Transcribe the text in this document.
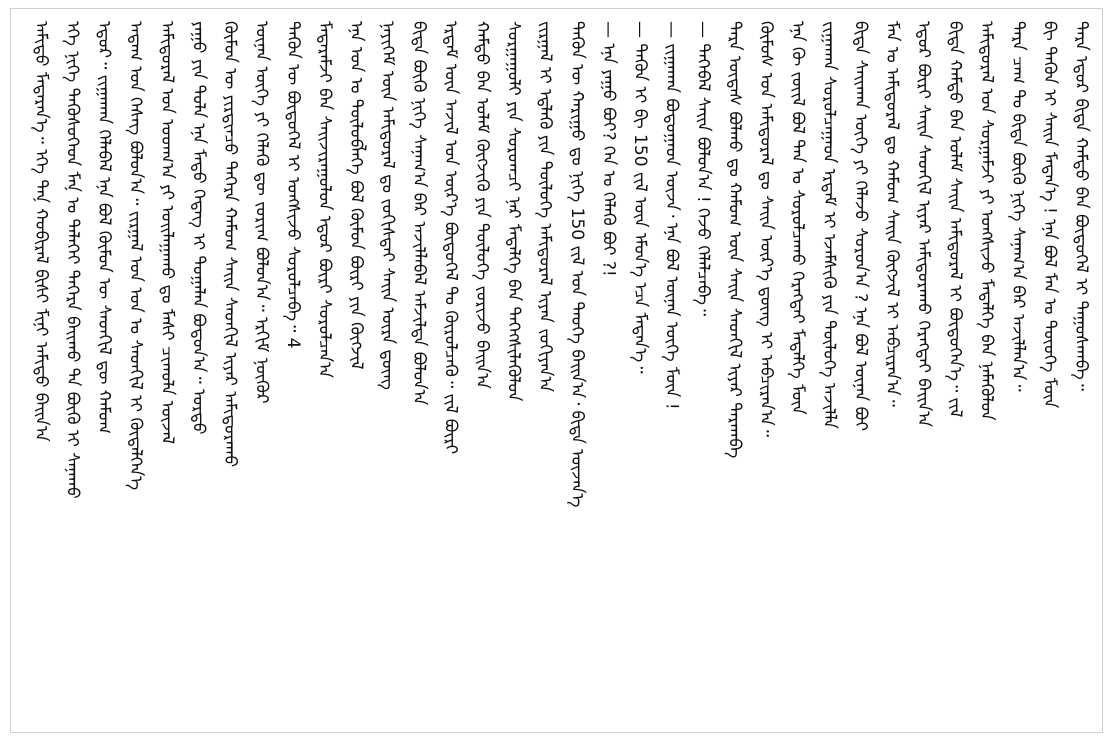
ᠠᠮᠢᠳᠤ ᠮᠡᠳᠡᠷᠡᠨ᠎ᠡ᠃ ᠡᠬᠡ ᠲᠠᠨ᠋ ᠬᠤᠪᠢᠷᠠᠯ ᠪᠢᠰᠢ ᠮᠢᠨᠢ ᠠᠮᠢᠳᠤ ᠪᠠᠢᠨ᠎ᠠ ᠡᠬᠡ ᠨᠢᠭᠡ ᠲᠡᠭᠦᠰᠦᠭᠡᠳ ᠮᠠᠨ᠋ ᠤ ᠳᠡᠯᠡᠬᠡᠢ ᠳᠡᠭᠡᠷᠡ ᠪᠠᠢᠬᠤ ᠲᠠ ᠪᠦᠬᠦ ᠢ ᠰᠠᠨᠠᠬᠤ ᠡᠳᠦᠷ᠃ ᠵᠢᠭᠠᠬᠠᠨ ᠬᠡᠯᠡᠪᠡᠯ ᠡᠨᠡ ᠪᠣᠯ ᠬᠦᠮᠦᠨ ᠦ ᠰᠡᠳᠬᠢᠯ ᠳᠦ ᠬᠠᠮᠤᠭ ᠠᠳᠠᠭ ᠤᠨ ᠬᠡᠰᠡᠭ ᠪᠣᠯᠤᠨ᠎ᠠ᠃ ᠵᠢᠷᠭᠠᠯ ᠤᠨ ᠣᠨ ᠤ ᠰᠡᠳᠬᠢᠯ ᠢ ᠬᠥᠳᠡᠯᠭᠡᠨ᠎ᠡ ᠠᠮᠢᠳᠤᠷᠠᠯ ᠤᠨ ᠤᠳᠬ᠎ᠠ ᠶᠢ ᠣᠢᠯᠠᠭᠠᠬᠤ ᠳᠤ ᠮᠠᠰᠢ ᠴᠢᠬᠤᠯᠠ ᠦᠵᠡᠯ ᠶᠠᠭᠤ ᠶᠢᠨ ᠲᠤᠯᠠ ᠡᠨᠡ ᠮᠡᠲᠦ ᠭᠡᠳᠡᠭ ᠢ ᠲᠣᠭᠠᠯᠠᠨ ᠪᠣᠳᠤᠨ᠎ᠠ᠃ ᠤᠷᠲᠤ ᠬᠦᠮᠦᠨ ᠦ ᠶᠢᠷᠲᠢᠨᠴᠦ ᠳᠡᠭᠡᠷᠡ ᠬᠠᠮᠤᠭ ᠰᠠᠢᠨ ᠰᠡᠳᠬᠢᠯ ᠢᠶᠡᠷ ᠠᠮᠢᠳᠤᠷᠠᠬᠤ ᠦᠨᠡᠨ ᠦᠭᠡ ᠶᠢ ᠬᠡᠯᠡᠬᠦ ᠳᠦ ᠵᠣᠷᠢᠭ ᠪᠣᠯᠤᠨ᠎ᠠ᠃ ᠡᠷᠬᠢᠮ ᠨᠥᠬᠦᠷ ᠲᠡᠭᠦᠨ ᠦ ᠪᠦᠲᠦᠭᠡᠯ ᠢ ᠤᠩᠰᠢᠵᠤ ᠰᠤᠷᠤᠯᠴᠠᠪᠠ᠃ 4 ᠮᠡᠳᠡᠷᠡᠮᠵᠢ ᠪᠠᠨ ᠰᠠᠢᠵᠢᠷᠠᠭᠤᠯᠤᠨ ᠡᠳᠦᠷ ᠪᠦᠷᠢ ᠰᠤᠷᠤᠯᠴᠠᠨ᠎ᠠ ᠡᠨᠡ ᠣᠨ ᠤ ᠲᠥᠯᠦᠪᠯᠡᠭᠡ ᠪᠣᠯ ᠬᠦᠮᠦᠨ ᠪᠦᠷᠢ ᠶᠢᠨ ᠬᠥᠭᠵᠢᠯ ᠨᠡᠶᠢᠭᠡᠮ ᠦᠨ ᠠᠮᠢᠳᠤᠷᠠᠯ ᠳᠤ ᠵᠣᠬᠢᠰᠲᠠᠢ ᠰᠠᠢᠨ ᠦᠷᠡ ᠳ᠋ᠦᠩ ᠪᠢᠳᠡ ᠪᠦᠬᠦ ᠨᠢᠭᠡ ᠰᠠᠨᠠᠭ᠎ᠠ ᠪᠡᠷ ᠠᠵᠢᠯᠯᠠᠪᠠᠯ ᠠᠮᠵᠢᠯᠲᠠ ᠪᠣᠯᠤᠨ᠎ᠠ ᠡᠷᠳᠡᠮ ᠦᠨ ᠠᠵᠢᠯ ᠤᠨ ᠦᠷ᠎ᠡ ᠪᠦᠲᠦᠭᠡᠯ ᠲᠤ ᠬᠦᠷᠦᠯᠴᠡᠬᠦ᠃ ᠵᠢᠯ ᠪᠦᠷᠢ ᠬᠠᠮᠲᠤ ᠪᠠᠨ ᠤᠯᠠᠮ ᠬᠥᠭᠵᠢᠬᠦ ᠶᠢᠨ ᠲᠥᠯᠦᠭᠡ ᠵᠣᠷᠢᠵᠤ ᠪᠠᠢᠨ᠎ᠠ ᠰᠤᠷᠭᠠᠭᠤᠯᠢ ᠶᠢᠨ ᠰᠤᠷᠤᠭᠴᠢ ᠨᠠᠷ ᠮᠡᠳᠡᠯᠭᠡ ᠪᠡᠨ ᠳᠡᠭᠡᠭᠰᠢᠯᠡᠭᠦᠯᠦᠨ ᠵᠢᠷᠭᠠᠯ ᠢ ᠡᠳ᠋ᠯᠡᠬᠦ ᠶᠢᠨ ᠲᠥᠯᠦᠭᠡ ᠠᠮᠢᠳᠤᠷᠠᠯ ᠢᠶᠠᠨ ᠵᠣᠬᠢᠶᠠᠨ᠎ᠠ ᠲᠡᠭᠦᠨ ᠦ ᠬᠠᠷᠢᠭᠤ ᠳᠤ ᠨᠢᠭᠡ 150 ᠵᠢᠯ ᠤᠨ ᠲᠡᠦᠬᠡ ᠪᠠᠢᠨ᠎ᠠ᠂ ᠪᠢᠳᠡ ᠦᠵᠡᠨ᠎ᠡ — ᠡᠨᠡ ᠶᠠᠭᠤ ᠪᠣᠢ? ᠬᠡᠨ ᠤ ᠬᠡᠯᠡᠬᠦ ᠪᠣᠢ ?! — ᠲᠡᠭᠦᠨ ᠢ ᠪᠢ 150 ᠵᠢᠯ ᠦᠨ ᠡᠮᠦᠨ᠎ᠡ ᠡᠴᠡ ᠮᠡᠳᠡᠨ᠎ᠡ᠃ — ᠵᠢᠭᠠᠬᠠᠨ ᠪᠣᠳᠤᠭᠠᠳ ᠦᠵᠡ᠂ ᠡᠨᠡ ᠪᠣᠯ ᠦᠨᠡᠨ ᠦᠭᠡ ᠮᠥᠨ ! — ᠲᠡᠭᠡᠪᠡᠯ ᠰᠠᠢᠨ ᠪᠣᠯᠤᠨ᠎ᠠ ! ᠭᠡᠵᠦ ᠬᠡᠯᠡᠯᠴᠡᠪᠡ᠃ ᠲᠡᠷᠡ ᠦᠳᠡᠰ ᠪᠣᠯᠬᠤ ᠳᠤ ᠬᠠᠮᠤᠭ ᠦᠨ ᠰᠠᠢᠨ ᠰᠡᠳᠬᠢᠯ ᠢᠶᠡᠷ ᠲᠠᠷᠬᠠᠪᠠ ᠬᠦᠮᠦᠰ ᠤᠨ ᠠᠮᠢᠳᠤᠷᠠᠯ ᠳᠤ ᠰᠠᠢᠨ ᠦᠷ᠎ᠡ ᠳ᠋ᠦᠩ ᠢ ᠠᠪᠴᠢᠷᠠᠨ᠎ᠠ᠃ ᠡᠨᠡ ᠬᠦ ᠵᠦᠢᠯ ᠪᠣᠯ ᠲᠠᠨ ᠤ ᠰᠤᠷᠤᠯᠴᠠᠬᠤ ᠬᠡᠷᠡᠭᠲᠡᠢ ᠮᠡᠳᠡᠯᠭᠡ ᠮᠥᠨ ᠵᠢᠭᠠᠬᠠᠨ ᠰᠤᠷᠤᠯᠴᠠᠭᠠᠳ ᠡᠷᠳᠡᠮ ᠢ ᠡᠵᠡᠮᠰᠢᠬᠦ ᠶᠢᠨ ᠲᠥᠯᠦᠭᠡ ᠠᠵᠢᠯᠯᠠ ᠪᠢᠳᠡ ᠰᠠᠢᠬᠠᠨ ᠦᠭᠡ ᠶᠢ ᠬᠡᠯᠡᠵᠦ ᠰᠤᠷᠤᠨ᠎ᠠ ? ᠡᠨᠡ ᠪᠣᠯ ᠦᠨᠡᠨ ᠪᠤᠢ ᠮᠠᠨ ᠤ ᠠᠮᠢᠳᠤᠷᠠᠯ ᠳᠤ ᠬᠠᠮᠤᠭ ᠰᠠᠢᠨ ᠬᠥᠭᠵᠢᠯ ᠢ ᠠᠪᠴᠢᠷᠠᠨ᠎ᠠ᠃ ᠡᠳᠦᠷ ᠪᠦᠷᠢ ᠰᠠᠢᠨ ᠰᠡᠳᠬᠢᠯ ᠢᠶᠡᠷ ᠠᠮᠢᠳᠤᠷᠠᠬᠤ ᠬᠡᠷᠡᠭᠲᠡᠢ ᠪᠠᠢᠨ᠎ᠠ ᠪᠢᠳᠡ ᠬᠠᠮᠲᠤ ᠪᠠᠨ ᠤᠯᠠᠮ ᠰᠠᠢᠨ ᠠᠮᠢᠳᠤᠷᠠᠯ ᠢ ᠪᠦᠲᠦᠭᠡᠨ᠎ᠡ᠃ ᠵᠢᠯ ᠠᠮᠢᠳᠤᠷᠠᠯ ᠤᠨ ᠰᠤᠷᠭᠠᠮᠵᠢ ᠶᠢ ᠤᠩᠰᠢᠵᠤ ᠮᠡᠳᠡᠯᠭᠡ ᠪᠡᠨ ᠨᠡᠮᠡᠭᠦᠯᠦᠨ ᠲᠡᠷᠡ ᠴᠠᠭ ᠲᠤ ᠪᠢᠳᠡ ᠪᠦᠬᠦ ᠨᠢᠭᠡ ᠰᠠᠨᠠᠭ᠎ᠠ ᠪᠠᠷ ᠠᠵᠢᠯᠯᠠᠨ᠎ᠠ᠃ ᠪᠢ ᠲᠡᠭᠦᠨ ᠢ ᠰᠠᠢᠨ ᠮᠡᠳᠡᠨ᠎ᠡ ! ᠡᠨᠡ ᠪᠣᠯ ᠮᠠᠨ ᠤ ᠲᠦᠦᠬᠡ ᠮᠥᠨ ᠲᠡᠷᠡ ᠡᠳᠦᠷ ᠪᠢᠳᠡ ᠬᠠᠮᠲᠤ ᠪᠠᠨ ᠪᠦᠲᠦᠭᠡᠯ ᠢ ᠳᠠᠭᠤᠰᠬᠠᠪᠠ᠃
